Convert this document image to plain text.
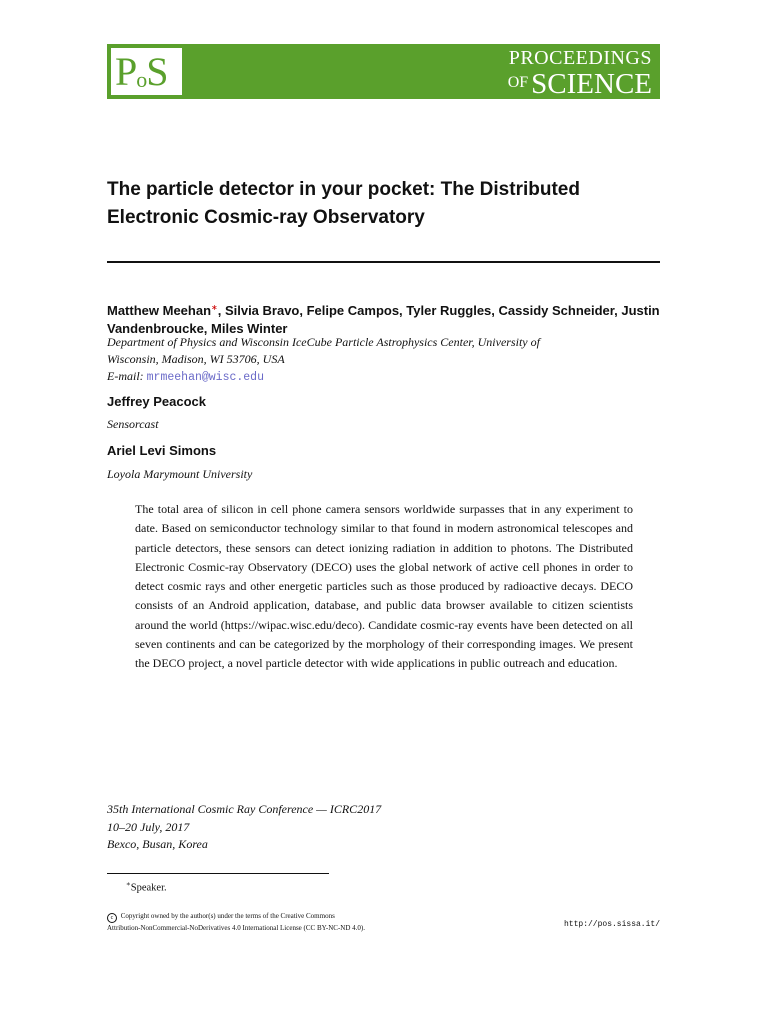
PoS	PROCEEDINGS
$^{OF}$ SCIENCE
The particle detector in your pocket: The Distributed Electronic Cosmic-ray Observatory

Matthew Meehan∗, Silvia Bravo, Felipe Campos, Tyler Ruggles, Cassidy Schneider, Justin Vandenbroucke, Miles Winter

Department of Physics and Wisconsin IceCube Particle Astrophysics Center, University of
Wisconsin, Madison, WI 53706, USA

E-mail: mrmeehan@wisc.edu

Jeffrey Peacock

Sensorcast

Ariel Levi Simons

Loyola Marymount University

The total area of silicon in cell phone camera sensors worldwide surpasses that in any experiment to date. Based on semiconductor technology similar to that found in modern astronomical telescopes and particle detectors, these sensors can detect ionizing radiation in addition to photons. The Distributed Electronic Cosmic-ray Observatory (DECO) uses the global network of active cell phones in order to detect cosmic rays and other energetic particles such as those produced by radioactive decays. DECO consists of an Android application, database, and public data browser available to citizen scientists around the world (https://wipac.wisc.edu/deco). Candidate cosmic-ray events have been detected on all seven continents and can be categorized by the morphology of their corresponding images. We present the DECO project, a novel particle detector with wide applications in public outreach and education.

35th International Cosmic Ray Conference — ICRC2017
10–20 July, 2017
Bexco, Busan, Korea
∗Speaker.
c Copyright owned by the author(s) under the terms of the Creative Commons
Attribution-NonCommercial-NoDerivatives 4.0 International License (CC BY-NC-ND 4.0).	http://pos.sissa.it/
